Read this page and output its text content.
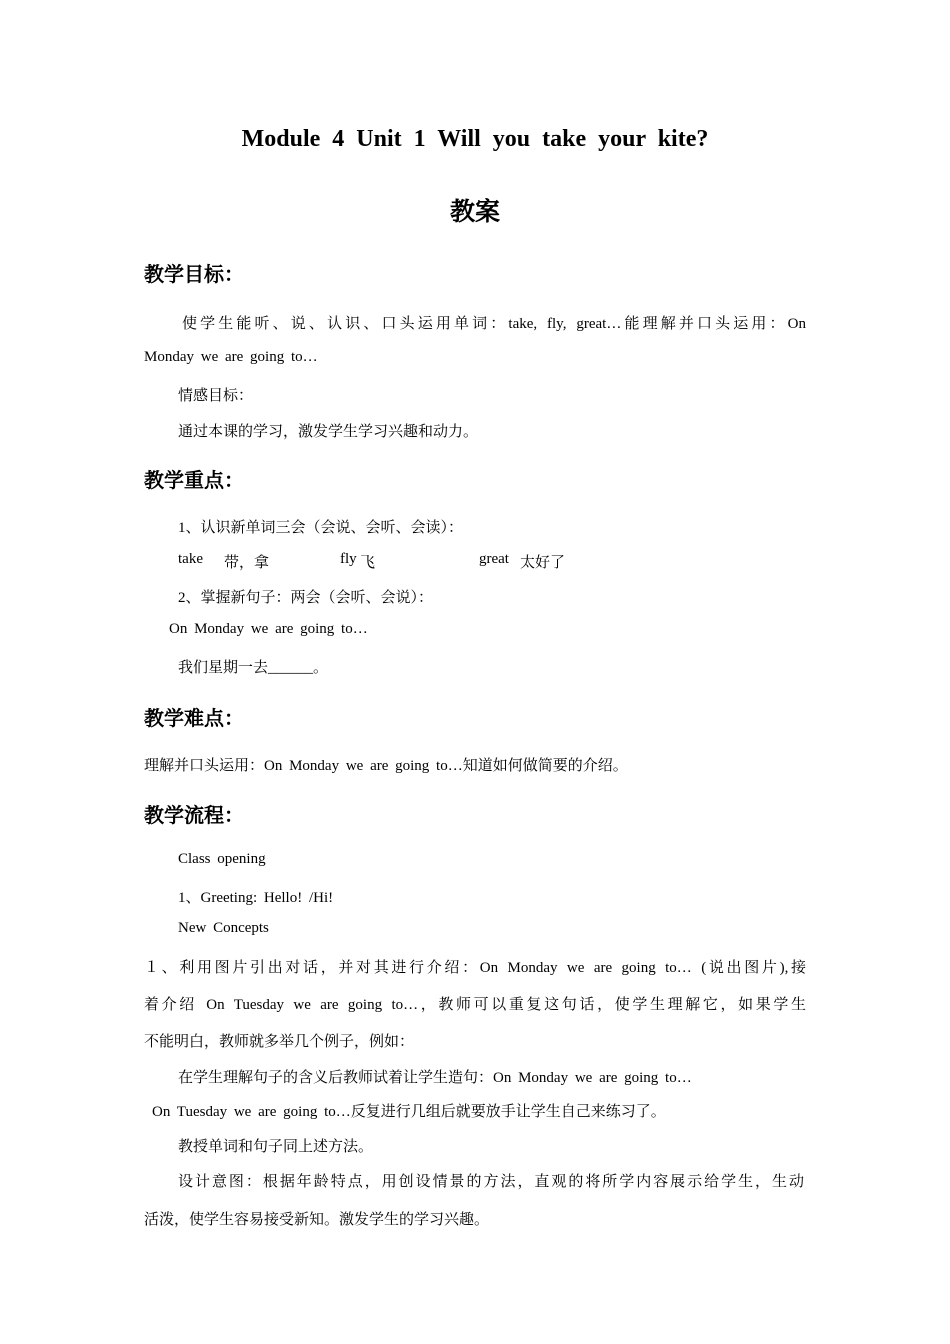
Module 4 Unit 1 Will you take your kite?
教案
教学目标：
使学生能听、说、认识、口头运用单词：take, fly, great…能理解并口头运用：On
Monday we are going to…
情感目标：
通过本课的学习，激发学生学习兴趣和动力。
教学重点：
1、认识新单词三会（会说、会听、会读）：
take 带，拿	fly 飞	great 太好了
2、掌握新句子：两会（会听、会说）：
On Monday we are going to…
我们星期一去______。
教学难点：
理解并口头运用：On Monday we are going to…知道如何做简要的介绍。
教学流程：
Class opening
1、Greeting: Hello! /Hi!
New Concepts
１、利用图片引出对话，并对其进行介绍：On Monday we are going to… (说出图片),接
着介绍 On Tuesday we are going to…，教师可以重复这句话，使学生理解它，如果学生
不能明白，教师就多举几个例子，例如：
在学生理解句子的含义后教师试着让学生造句：On Monday we are going to…
On Tuesday we are going to…反复进行几组后就要放手让学生自己来练习了。
教授单词和句子同上述方法。
设计意图：根据年龄特点，用创设情景的方法，直观的将所学内容展示给学生，生动
活泼，使学生容易接受新知。激发学生的学习兴趣。
